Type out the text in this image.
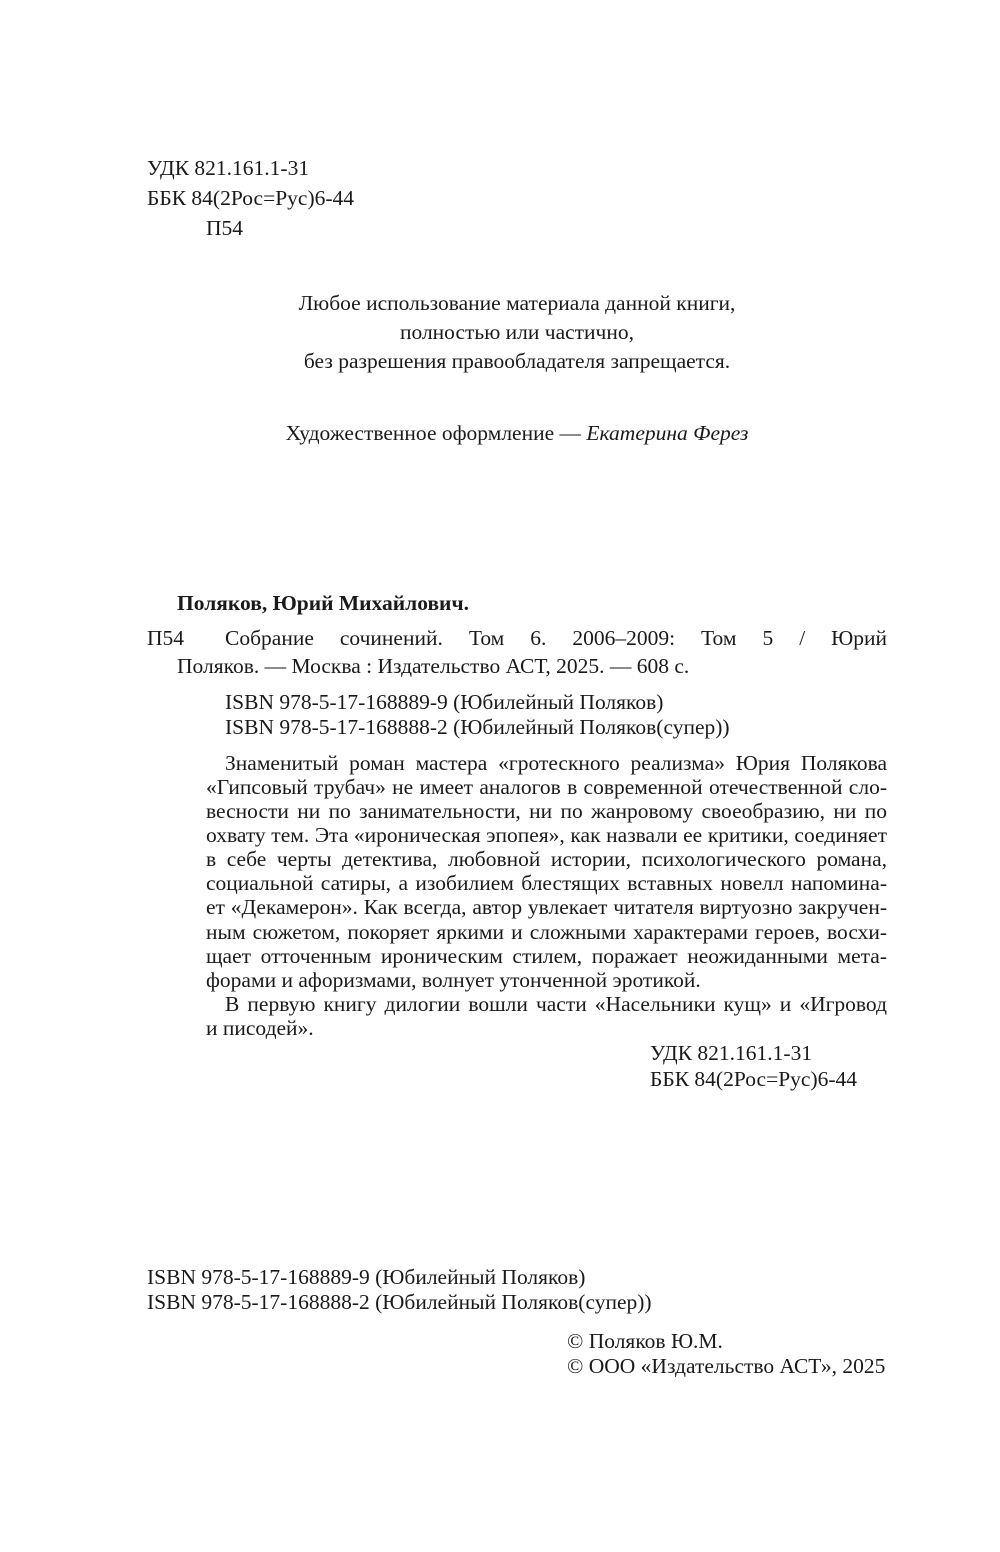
УДК 821.161.1-31
ББК 84(2Рос=Рус)6-44
П54
Любое использование материала данной книги,
полностью или частично,
без разрешения правообладателя запрещается.
Художественное оформление — Екатерина Ферез
Поляков, Юрий Михайлович.
П54 Собрание сочинений. Том 6. 2006–2009: Том 5 / Юрий
Поляков. — Москва : Издательство АСТ, 2025. — 608 с.
ISBN 978-5-17-168889-9 (Юбилейный Поляков)
ISBN 978-5-17-168888-2 (Юбилейный Поляков(супер))
Знаменитый роман мастера «гротескного реализма» Юрия Полякова
«Гипсовый трубач» не имеет аналогов в современной отечественной сло-
весности ни по занимательности, ни по жанровому своеобразию, ни по
охвату тем. Эта «ироническая эпопея», как назвали ее критики, соединяет
в себе черты детектива, любовной истории, психологического романа,
социальной сатиры, а изобилием блестящих вставных новелл напомина-
ет «Декамерон». Как всегда, автор увлекает читателя виртуозно закручен-
ным сюжетом, покоряет яркими и сложными характерами героев, восхи-
щает отточенным ироническим стилем, поражает неожиданными мета-
форами и афоризмами, волнует утонченной эротикой.
В первую книгу дилогии вошли части «Насельники кущ» и «Игровод
и писодей».
УДК 821.161.1-31
ББК 84(2Рос=Рус)6-44
ISBN 978-5-17-168889-9 (Юбилейный Поляков)
ISBN 978-5-17-168888-2 (Юбилейный Поляков(супер))
© Поляков Ю.М.
© ООО «Издательство АСТ», 2025
